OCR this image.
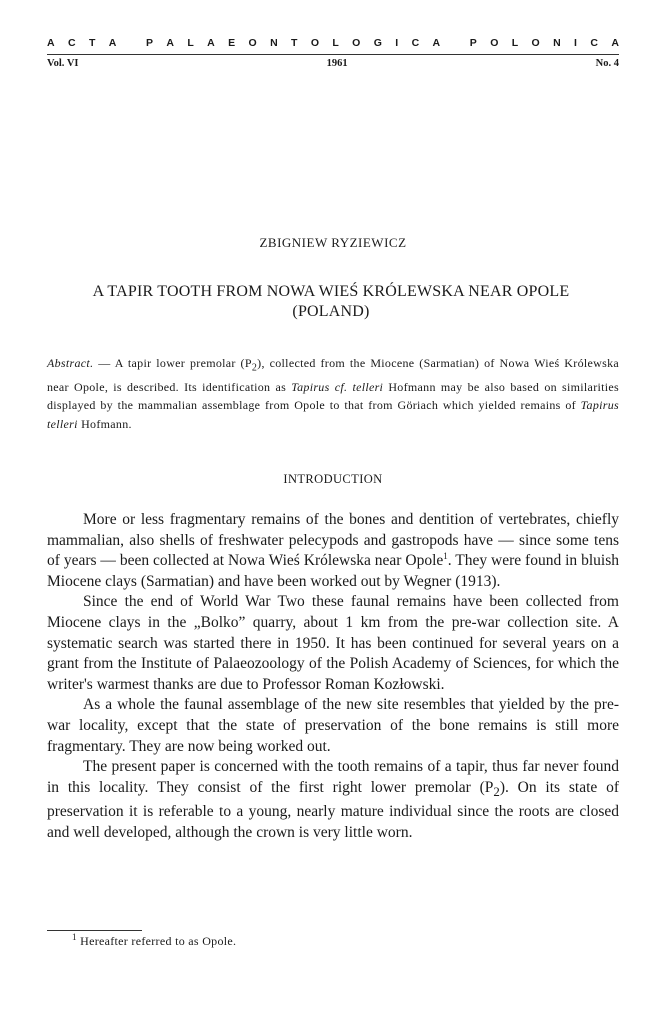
A C T A
	P A L A E O N T O L O G I C A
	P O L O N I C A
Vol. VI	1961	No. 4
ZBIGNIEW RYZIEWICZ
A TAPIR TOOTH FROM NOWA WIEŚ KRÓLEWSKA NEAR OPOLE
(POLAND)

Abstract. — A tapir lower premolar $(P_2)$, collected from the Miocene (Sarmatian) of Nowa Wieś Królewska near Opole, is described. Its identification as Tapirus cf. telleri Hofmann may be also based on similarities displayed by the mammalian assemblage from Opole to that from Göriach which yielded remains of Tapirus telleri Hofmann.

INTRODUCTION

More or less fragmentary remains of the bones and dentition of vertebrates, chiefly mammalian, also shells of freshwater pelecypods and gastropods have — since some tens of years — been collected at Nowa Wieś Królewska near Opole$^1$. They were found in bluish Miocene clays (Sarmatian) and have been worked out by Wegner (1913).

Since the end of World War Two these faunal remains have been collected from Miocene clays in the „Bolko” quarry, about 1 km from the pre-war collection site. A systematic search was started there in 1950. It has been continued for several years on a grant from the Institute of Palaeozoology of the Polish Academy of Sciences, for which the writer's warmest thanks are due to Professor Roman Kozłowski.

As a whole the faunal assemblage of the new site resembles that yielded by the pre-war locality, except that the state of preservation of the bone remains is still more fragmentary. They are now being worked out.

The present paper is concerned with the tooth remains of a tapir, thus far never found in this locality. They consist of the first right lower premolar $(P_2)$. On its state of preservation it is referable to a young, nearly mature individual since the roots are closed and well developed, although the crown is very little worn.

$^1$ Hereafter referred to as Opole.
